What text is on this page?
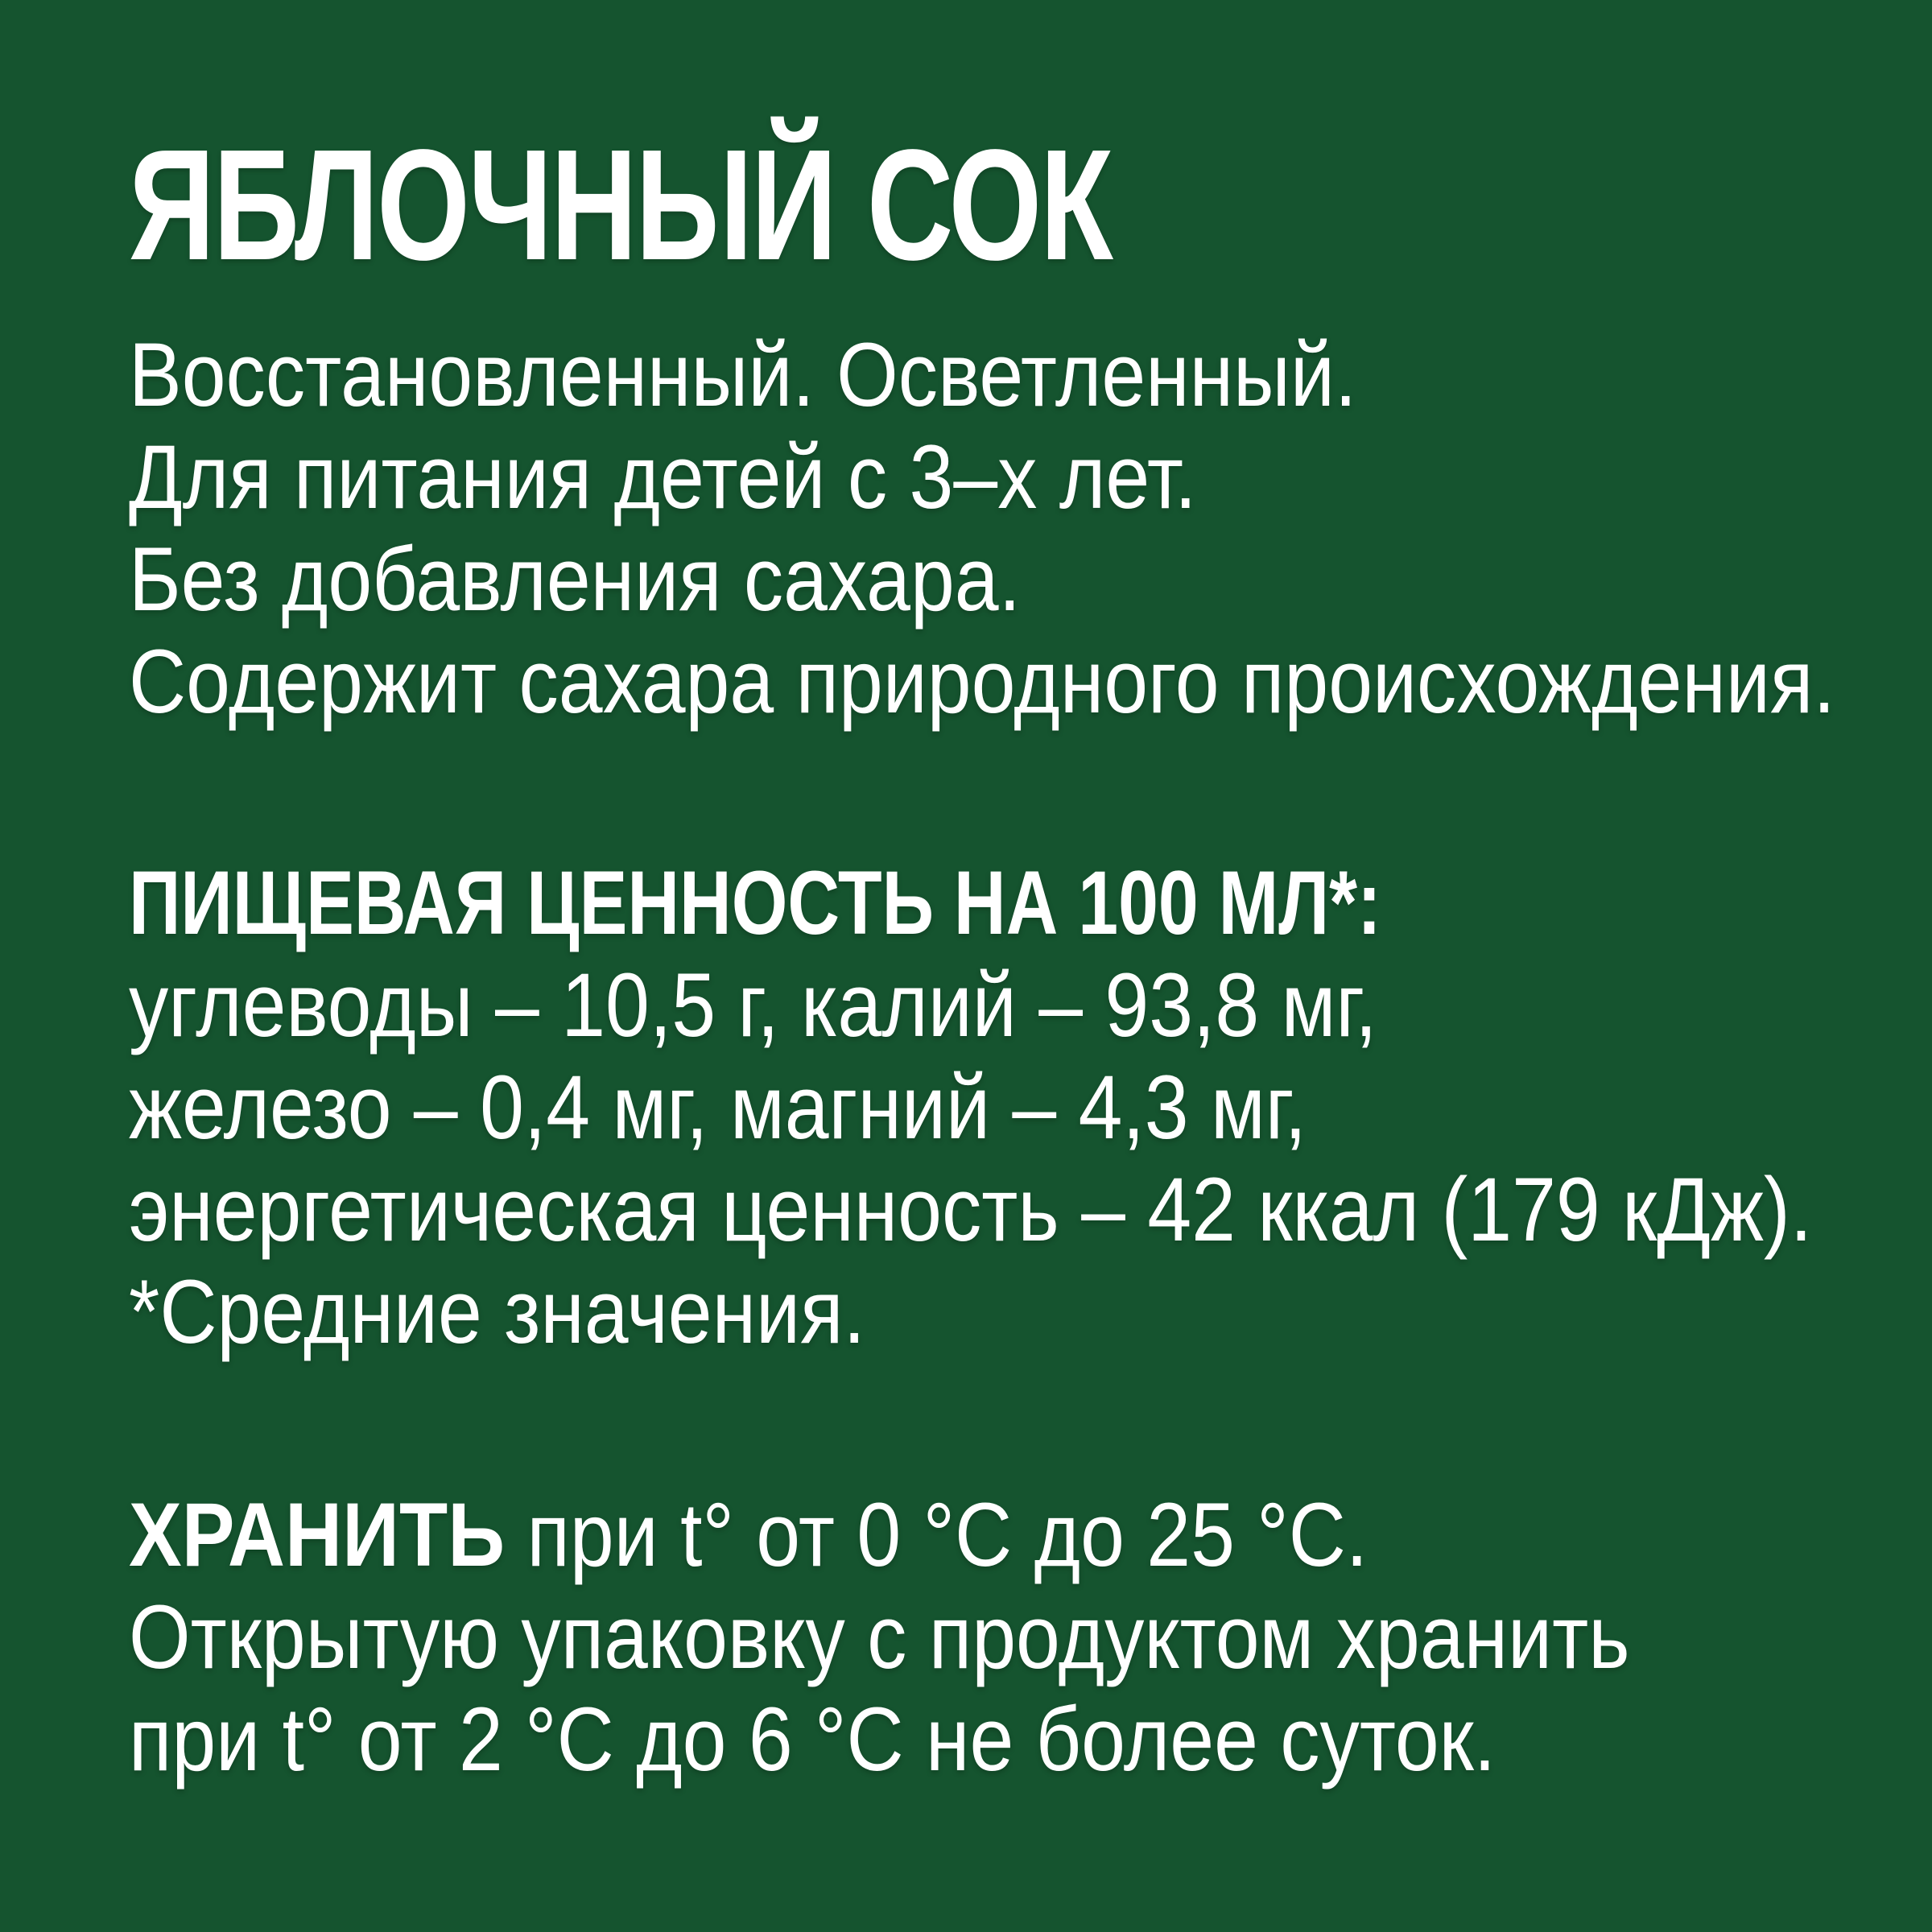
ЯБЛОЧНЫЙ СОК
Восстановленный. Осветленный.
Для питания детей с 3–х лет.
Без добавления сахара.
Содержит сахара природного происхождения.
ПИЩЕВАЯ ЦЕННОСТЬ НА 100 МЛ*:
углеводы – 10,5 г, калий – 93,8 мг,
железо – 0,4 мг, магний – 4,3 мг,
энергетическая ценность – 42 ккал (179 кДж).
*Средние значения.
ХРАНИТЬ при t° от 0 °С до 25 °С.
Открытую упаковку с продуктом хранить
при t° от 2 °С до 6 °С не более суток.
